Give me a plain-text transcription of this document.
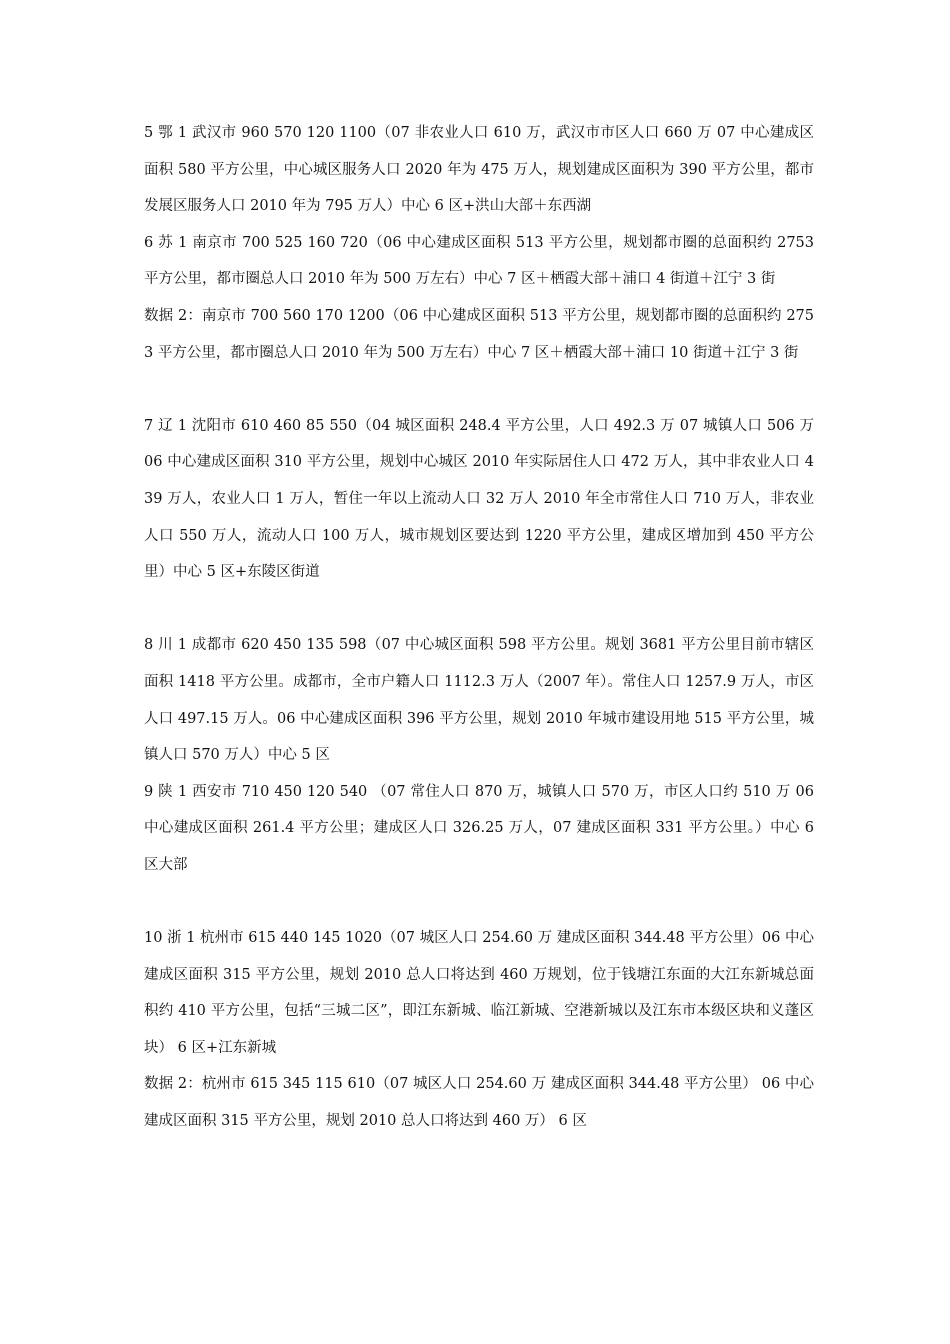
5 鄂 1 武汉市 960 570 120 1100（07 非农业人口 610 万，武汉市市区人口 660 万 07 中心建成区面积 580 平方公里，中心城区服务人口 2020 年为 475 万人，规划建成区面积为 390 平方公里，都市发展区服务人口 2010 年为 795 万人）中心 6 区+洪山大部＋东西湖

6 苏 1 南京市 700 525 160 720（06 中心建成区面积 513 平方公里，规划都市圈的总面积约 2753 平方公里，都市圈总人口 2010 年为 500 万左右）中心 7 区＋栖霞大部＋浦口 4 街道＋江宁 3 街

数据 2：南京市 700 560 170 1200（06 中心建成区面积 513 平方公里，规划都市圈的总面积约 2753 平方公里，都市圈总人口 2010 年为 500 万左右）中心 7 区＋栖霞大部＋浦口 10 街道＋江宁 3 街

7 辽 1 沈阳市 610 460 85 550（04 城区面积 248.4 平方公里，人口 492.3 万 07 城镇人口 506 万 06 中心建成区面积 310 平方公里，规划中心城区 2010 年实际居住人口 472 万人，其中非农业人口 439 万人，农业人口 1 万人，暂住一年以上流动人口 32 万人 2010 年全市常住人口 710 万人，非农业人口 550 万人，流动人口 100 万人，城市规划区要达到 1220 平方公里，建成区增加到 450 平方公里）中心 5 区+东陵区街道

8 川 1 成都市 620 450 135 598（07 中心城区面积 598 平方公里。规划 3681 平方公里目前市辖区面积 1418 平方公里。成都市，全市户籍人口 1112.3 万人（2007 年）。常住人口 1257.9 万人，市区人口 497.15 万人。06 中心建成区面积 396 平方公里，规划 2010 年城市建设用地 515 平方公里，城镇人口 570 万人）中心 5 区

9 陕 1 西安市 710 450 120 540 （07 常住人口 870 万，城镇人口 570 万，市区人口约 510 万 06 中心建成区面积 261.4 平方公里；建成区人口 326.25 万人，07 建成区面积 331 平方公里。）中心 6 区大部

10 浙 1 杭州市 615 440 145 1020（07 城区人口 254.60 万 建成区面积 344.48 平方公里）06 中心建成区面积 315 平方公里，规划 2010 总人口将达到 460 万规划，位于钱塘江东面的大江东新城总面积约 410 平方公里，包括“三城二区”，即江东新城、临江新城、空港新城以及江东市本级区块和义蓬区块） 6 区+江东新城

数据 2：杭州市 615 345 115 610（07 城区人口 254.60 万 建成区面积 344.48 平方公里） 06 中心建成区面积 315 平方公里，规划 2010 总人口将达到 460 万） 6 区
